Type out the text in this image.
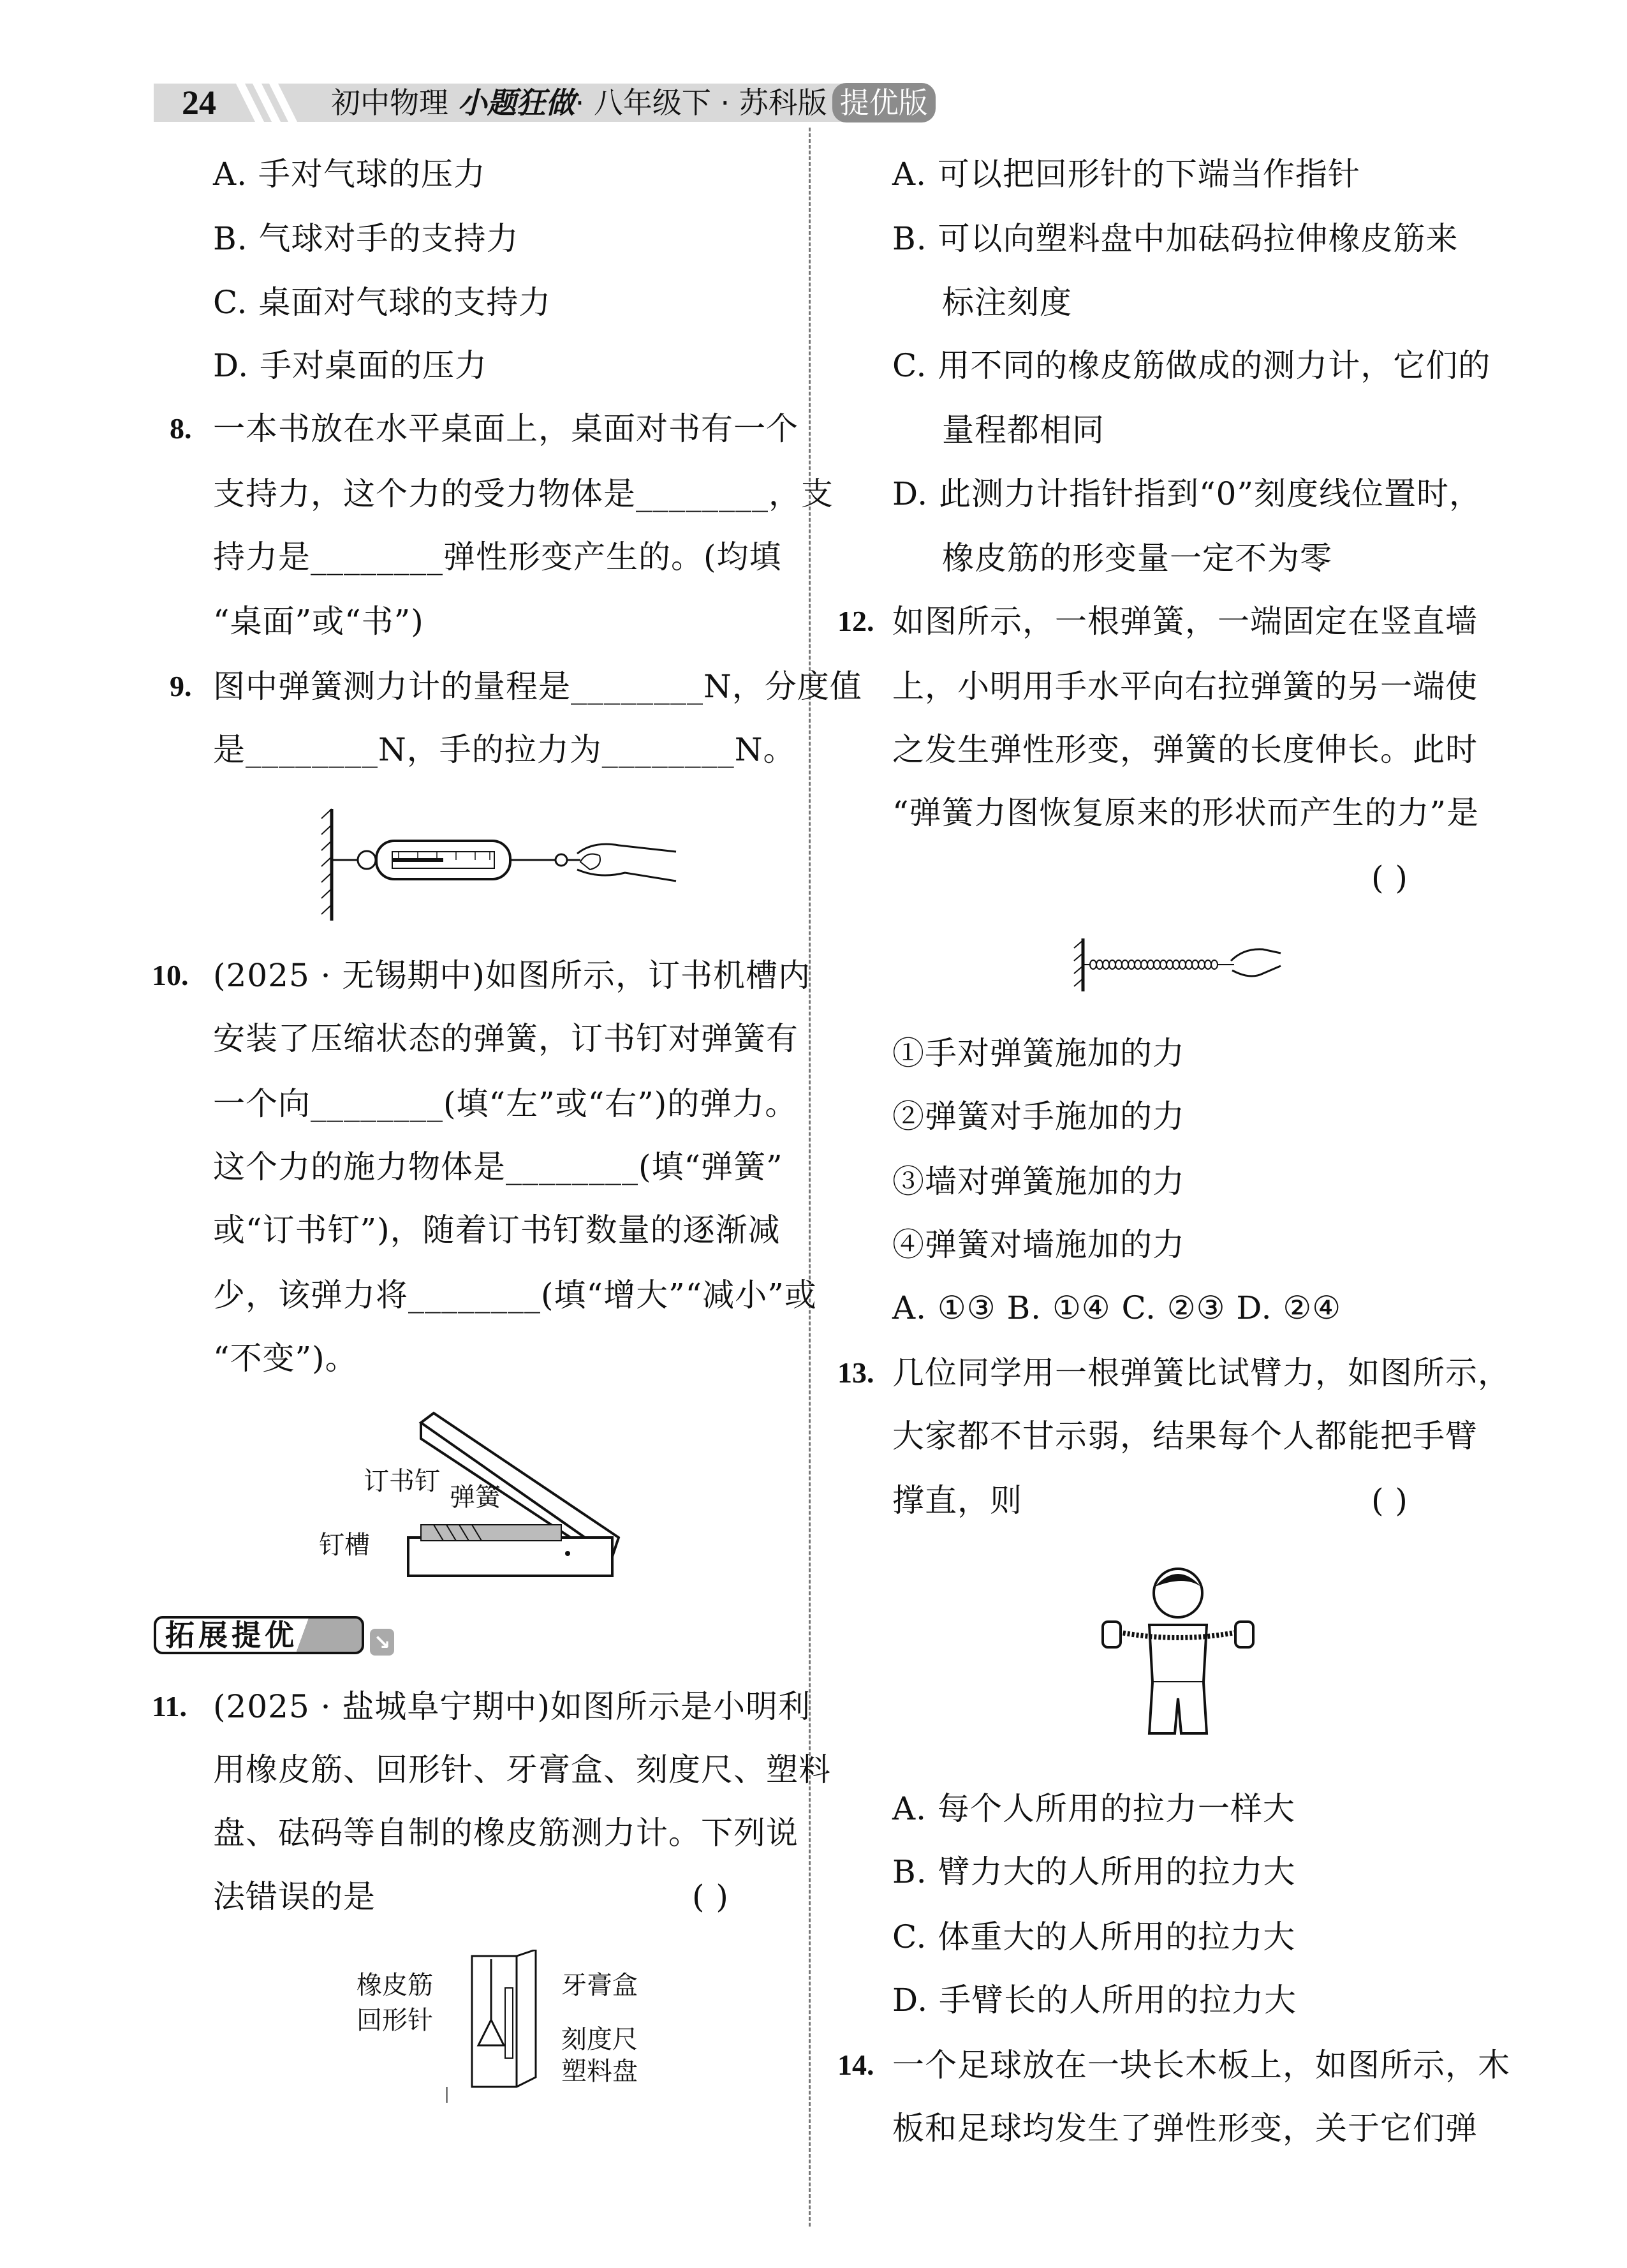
24	初中物理 小题狂做· 八年级下 · 苏科版 提优版
A. 手对气球的压力
B. 气球对手的支持力
C. 桌面对气球的支持力
D. 手对桌面的压力
8. 一本书放在水平桌面上，桌面对书有一个
支持力，这个力的受力物体是________，支
持力是________弹性形变产生的。(均填
“桌面”或“书”)
9. 图中弹簧测力计的量程是________N，分度值
是________N，手的拉力为________N。
10. (2025 · 无锡期中)如图所示，订书机槽内
安装了压缩状态的弹簧，订书钉对弹簧有
一个向________(填“左”或“右”)的弹力。
这个力的施力物体是________(填“弹簧”
或“订书钉”)，随着订书钉数量的逐渐减
少，该弹力将________(填“增大”“减小”或
“不变”)。
订书钉
弹簧
钉槽
拓展提优	↘
11. (2025 · 盐城阜宁期中)如图所示是小明利
用橡皮筋、回形针、牙膏盒、刻度尺、塑料
盘、砝码等自制的橡皮筋测力计。下列说
法错误的是	( )
橡皮筋
回形针
牙膏盒
刻度尺
塑料盘
A. 可以把回形针的下端当作指针
B. 可以向塑料盘中加砝码拉伸橡皮筋来
标注刻度
C. 用不同的橡皮筋做成的测力计，它们的
量程都相同
D. 此测力计指针指到“0”刻度线位置时，
橡皮筋的形变量一定不为零
12. 如图所示，一根弹簧，一端固定在竖直墙
上，小明用手水平向右拉弹簧的另一端使
之发生弹性形变，弹簧的长度伸长。此时
“弹簧力图恢复原来的形状而产生的力”是
( )
①手对弹簧施加的力
②弹簧对手施加的力
③墙对弹簧施加的力
④弹簧对墙施加的力
A. ①③ B. ①④ C. ②③ D. ②④
13. 几位同学用一根弹簧比试臂力，如图所示，
大家都不甘示弱，结果每个人都能把手臂
撑直，则	( )
A. 每个人所用的拉力一样大
B. 臂力大的人所用的拉力大
C. 体重大的人所用的拉力大
D. 手臂长的人所用的拉力大
14. 一个足球放在一块长木板上，如图所示，木
板和足球均发生了弹性形变，关于它们弹
